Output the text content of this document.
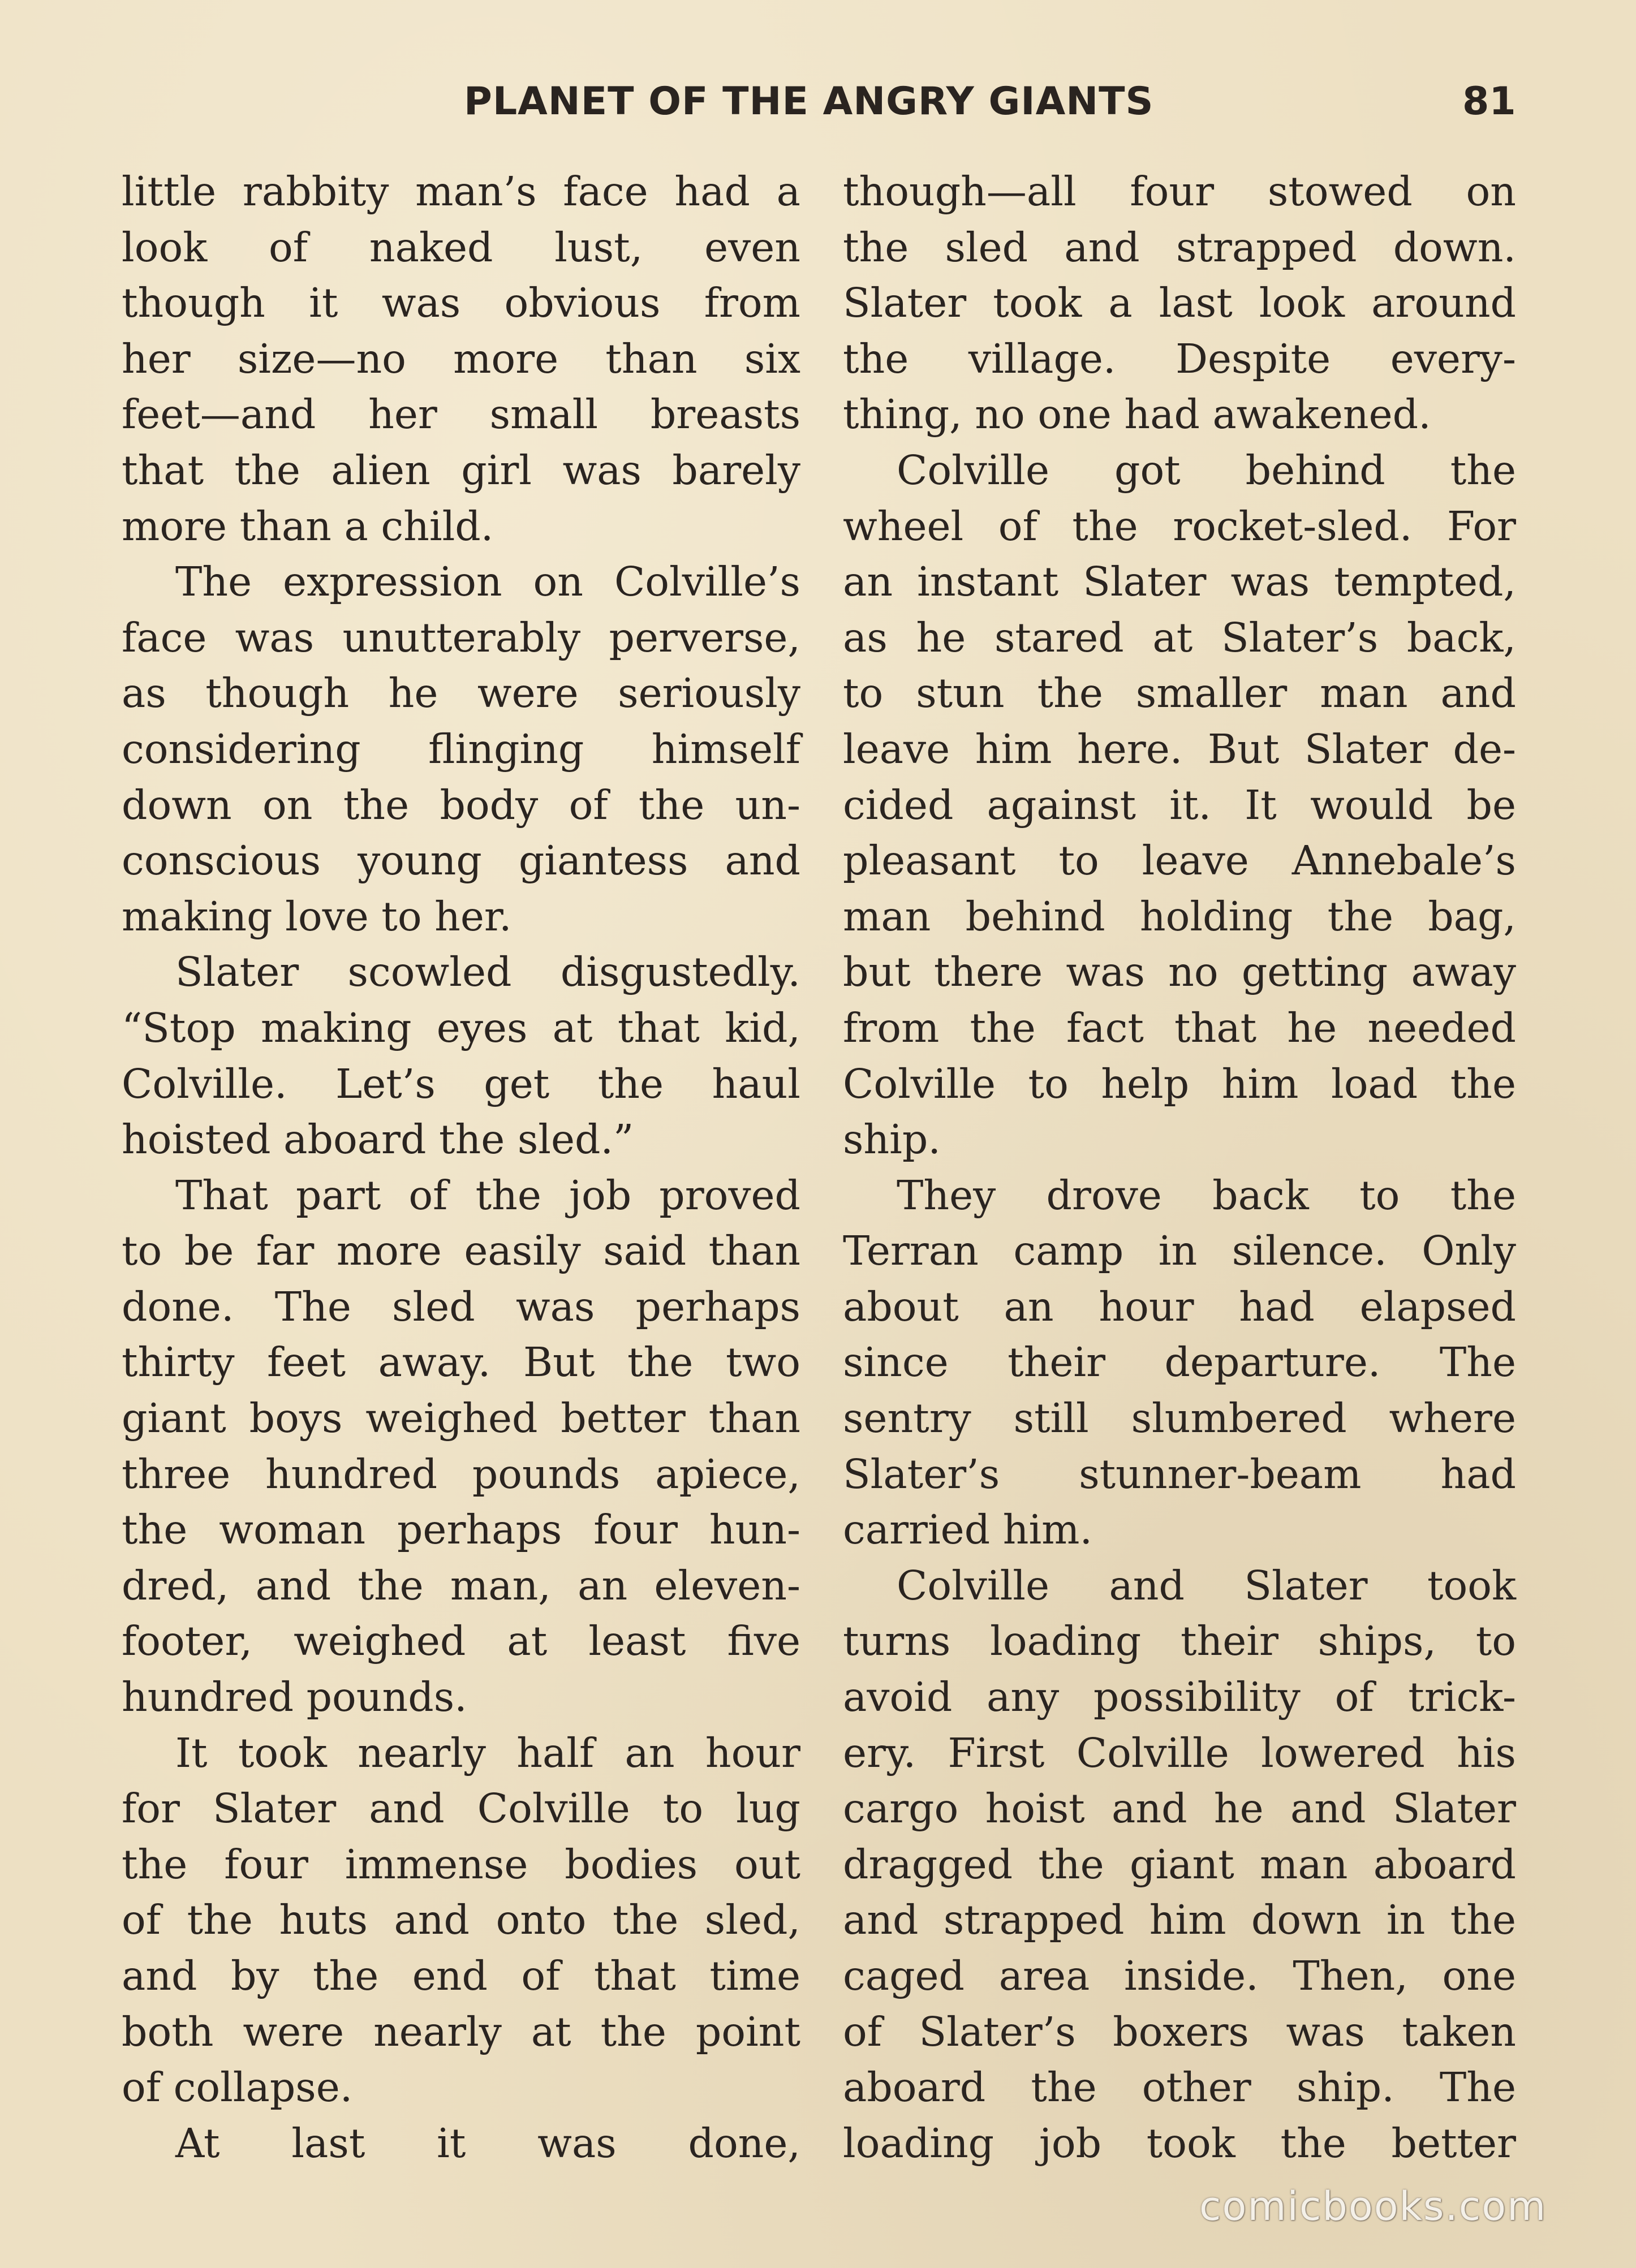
PLANET OF THE ANGRY GIANTS	81
little rabbity man’s face had a
look of naked lust, even
though it was obvious from
her size—no more than six
feet—and her small breasts
that the alien girl was barely
more than a child.
The expression on Colville’s
face was unutterably perverse,
as though he were seriously
considering flinging himself
down on the body of the un-
conscious young giantess and
making love to her.
Slater scowled disgustedly.
“Stop making eyes at that kid,
Colville. Let’s get the haul
hoisted aboard the sled.”
That part of the job proved
to be far more easily said than
done. The sled was perhaps
thirty feet away. But the two
giant boys weighed better than
three hundred pounds apiece,
the woman perhaps four hun-
dred, and the man, an eleven-
footer, weighed at least five
hundred pounds.
It took nearly half an hour
for Slater and Colville to lug
the four immense bodies out
of the huts and onto the sled,
and by the end of that time
both were nearly at the point
of collapse.
At last it was done,
though—all four stowed on
the sled and strapped down.
Slater took a last look around
the village. Despite every-
thing, no one had awakened.
Colville got behind the
wheel of the rocket-sled. For
an instant Slater was tempted,
as he stared at Slater’s back,
to stun the smaller man and
leave him here. But Slater de-
cided against it. It would be
pleasant to leave Annebale’s
man behind holding the bag,
but there was no getting away
from the fact that he needed
Colville to help him load the
ship.
They drove back to the
Terran camp in silence. Only
about an hour had elapsed
since their departure. The
sentry still slumbered where
Slater’s stunner-beam had
carried him.
Colville and Slater took
turns loading their ships, to
avoid any possibility of trick-
ery. First Colville lowered his
cargo hoist and he and Slater
dragged the giant man aboard
and strapped him down in the
caged area inside. Then, one
of Slater’s boxers was taken
aboard the other ship. The
loading job took the better
comicbooks.com
